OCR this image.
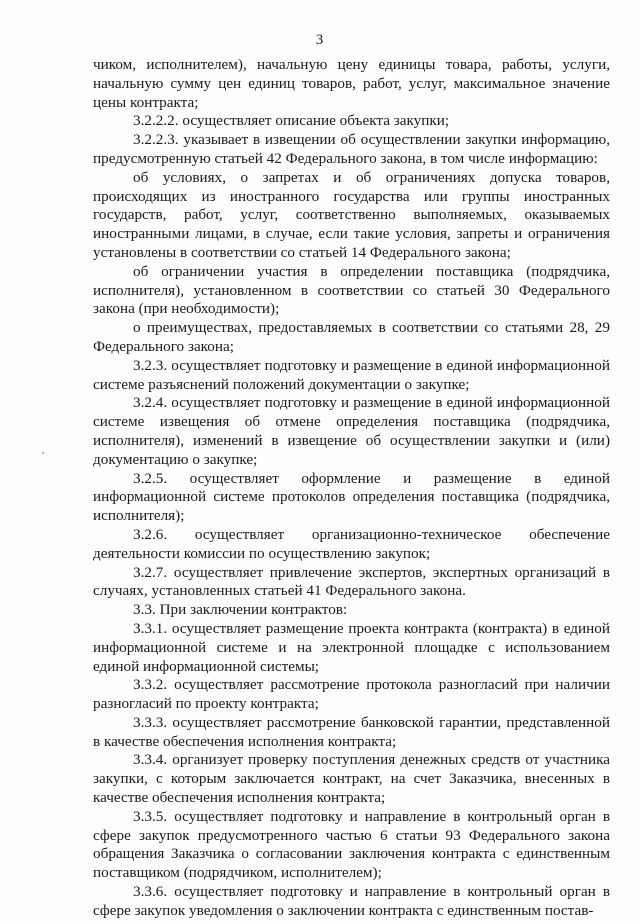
3

чиком, исполнителем), начальную цену единицы товара, работы, услуги, начальную сумму цен единиц товаров, работ, услуг, максимальное значение цены контракта;

3.2.2.2. осуществляет описание объекта закупки;

3.2.2.3. указывает в извещении об осуществлении закупки информацию, предусмотренную статьей 42 Федерального закона, в том числе информацию:

об условиях, о запретах и об ограничениях допуска товаров, происходящих из иностранного государства или группы иностранных государств, работ, услуг, соответственно выполняемых, оказываемых иностранными лицами, в случае, если такие условия, запреты и ограничения установлены в соответствии со статьей 14 Федерального закона;

об ограничении участия в определении поставщика (подрядчика, исполнителя), установленном в соответствии со статьей 30 Федерального закона (при необходимости);

о преимуществах, предоставляемых в соответствии со статьями 28, 29 Федерального закона;

3.2.3. осуществляет подготовку и размещение в единой информационной системе разъяснений положений документации о закупке;

3.2.4. осуществляет подготовку и размещение в единой информационной системе извещения об отмене определения поставщика (подрядчика, исполнителя), изменений в извещение об осуществлении закупки и (или) документацию о закупке;

3.2.5. осуществляет оформление и размещение в единой информационной системе протоколов определения поставщика (подрядчика, исполнителя);

3.2.6. осуществляет организационно-техническое обеспечение деятельности комиссии по осуществлению закупок;

3.2.7. осуществляет привлечение экспертов, экспертных организаций в случаях, установленных статьей 41 Федерального закона.

3.3. При заключении контрактов:

3.3.1. осуществляет размещение проекта контракта (контракта) в единой информационной системе и на электронной площадке с использованием единой информационной системы;

3.3.2. осуществляет рассмотрение протокола разногласий при наличии разногласий по проекту контракта;

3.3.3. осуществляет рассмотрение банковской гарантии, представленной в качестве обеспечения исполнения контракта;

3.3.4. организует проверку поступления денежных средств от участника закупки, с которым заключается контракт, на счет Заказчика, внесенных в качестве обеспечения исполнения контракта;

3.3.5. осуществляет подготовку и направление в контрольный орган в сфере закупок предусмотренного частью 6 статьи 93 Федерального закона обращения Заказчика о согласовании заключения контракта с единственным поставщиком (подрядчиком, исполнителем);

3.3.6. осуществляет подготовку и направление в контрольный орган в сфере закупок уведомления о заключении контракта с единственным постав-
